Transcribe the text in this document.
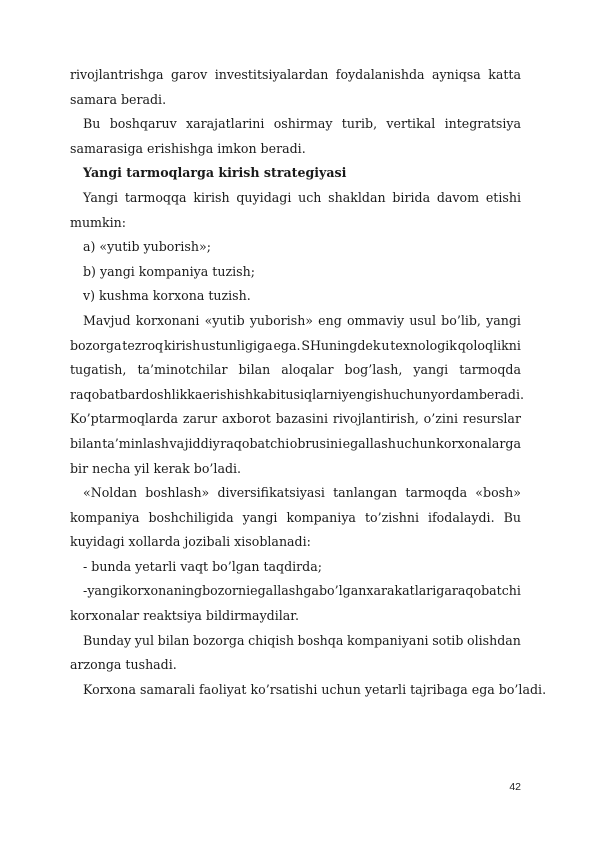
rivojlantrishga garov investitsiyalardan foydalanishda ayniqsa katta
samara beradi.
Bu boshqaruv xarajatlarini oshirmay turib, vertikal integratsiya
samarasiga erishishga imkon beradi.
Yangi tarmoqlarga kirish strategiyasi
Yangi tarmoqqa kirish quyidagi uch shakldan birida davom etishi
mumkin:
a) «yutib yuborish»;
b) yangi kompaniya tuzish;
v) kushma korxona tuzish.
Mavjud korxonani «yutib yuborish» eng ommaviy usul bo’lib, yangi
bozorga tezroq kirish ustunligiga ega. SHuningdek u texnologik qoloqlikni
tugatish, ta’minotchilar bilan aloqalar bog’lash, yangi tarmoqda
raqobatbardoshlikka erishish kabi tusiqlarni yengish uchun yordam beradi.
Ko’ptarmoqlarda zarur axborot bazasini rivojlantirish, o’zini resurslar
bilan ta’minlash va jiddiy raqobatchi obrusini egallash uchun korxonalarga
bir necha yil kerak bo’ladi.
«Noldan boshlash» diversifikatsiyasi tanlangan tarmoqda «bosh»
kompaniya boshchiligida yangi kompaniya to’zishni ifodalaydi. Bu
kuyidagi xollarda jozibali xisoblanadi:
- bunda yetarli vaqt bo’lgan taqdirda;
- yangi korxonaning bozorni egallashga bo’lgan xarakatlariga raqobatchi
korxonalar reaktsiya bildirmaydilar.
Bunday yul bilan bozorga chiqish boshqa kompaniyani sotib olishdan
arzonga tushadi.
Korxona samarali faoliyat ko’rsatishi uchun yetarli tajribaga ega bo’ladi.
42
